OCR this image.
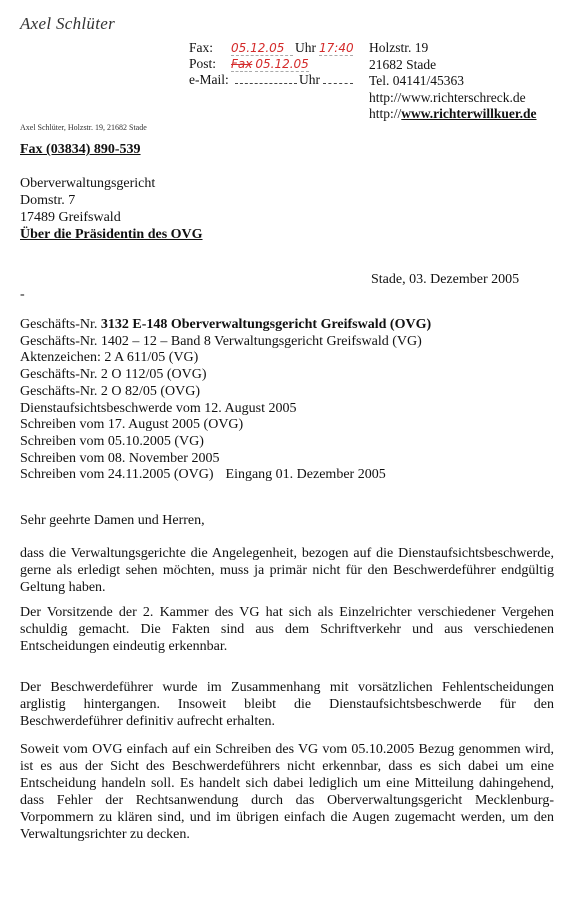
Axel Schlüter
Fax:	05.12.05 Uhr 17:40
Post:	Fax 05.12.05
e-Mail:	Uhr
Holzstr. 19
21682 Stade
Tel. 04141/45363
http://www.richterschreck.de
http://www.richterwillkuer.de
Axel Schlüter, Holzstr. 19, 21682 Stade
Fax (03834) 890-539
Oberverwaltungsgericht
Domstr. 7
17489 Greifswald
Über die Präsidentin des OVG
Stade, 03. Dezember 2005
-
Geschäfts-Nr. 3132 E-148 Oberverwaltungsgericht Greifswald (OVG)
Geschäfts-Nr. 1402 – 12 – Band 8 Verwaltungsgericht Greifswald (VG)
Aktenzeichen: 2 A 611/05 (VG)
Geschäfts-Nr. 2 O 112/05 (OVG)
Geschäfts-Nr. 2 O 82/05 (OVG)
Dienstaufsichtsbeschwerde vom 12. August 2005
Schreiben vom 17. August 2005 (OVG)
Schreiben vom 05.10.2005 (VG)
Schreiben vom 08. November 2005
Schreiben vom 24.11.2005 (OVG) Eingang 01. Dezember 2005
Sehr geehrte Damen und Herren,
dass die Verwaltungsgerichte die Angelegenheit, bezogen auf die Dienstaufsichtsbeschwerde, gerne als erledigt sehen möchten, muss ja primär nicht für den Beschwerdeführer endgültig Geltung haben.
Der Vorsitzende der 2. Kammer des VG hat sich als Einzelrichter verschiedener Vergehen schuldig gemacht. Die Fakten sind aus dem Schriftverkehr und aus verschiedenen Entscheidungen eindeutig erkennbar.
Der Beschwerdeführer wurde im Zusammenhang mit vorsätzlichen Fehlentscheidungen arglistig hintergangen. Insoweit bleibt die Dienstaufsichtsbeschwerde für den Beschwerdeführer definitiv aufrecht erhalten.
Soweit vom OVG einfach auf ein Schreiben des VG vom 05.10.2005 Bezug genommen wird, ist es aus der Sicht des Beschwerdeführers nicht erkennbar, dass es sich dabei um eine Entscheidung handeln soll. Es handelt sich dabei lediglich um eine Mitteilung dahingehend, dass Fehler der Rechtsanwendung durch das Oberverwaltungsgericht Mecklenburg-Vorpommern zu klären sind, und im übrigen einfach die Augen zugemacht werden, um den Verwaltungsrichter zu decken.
